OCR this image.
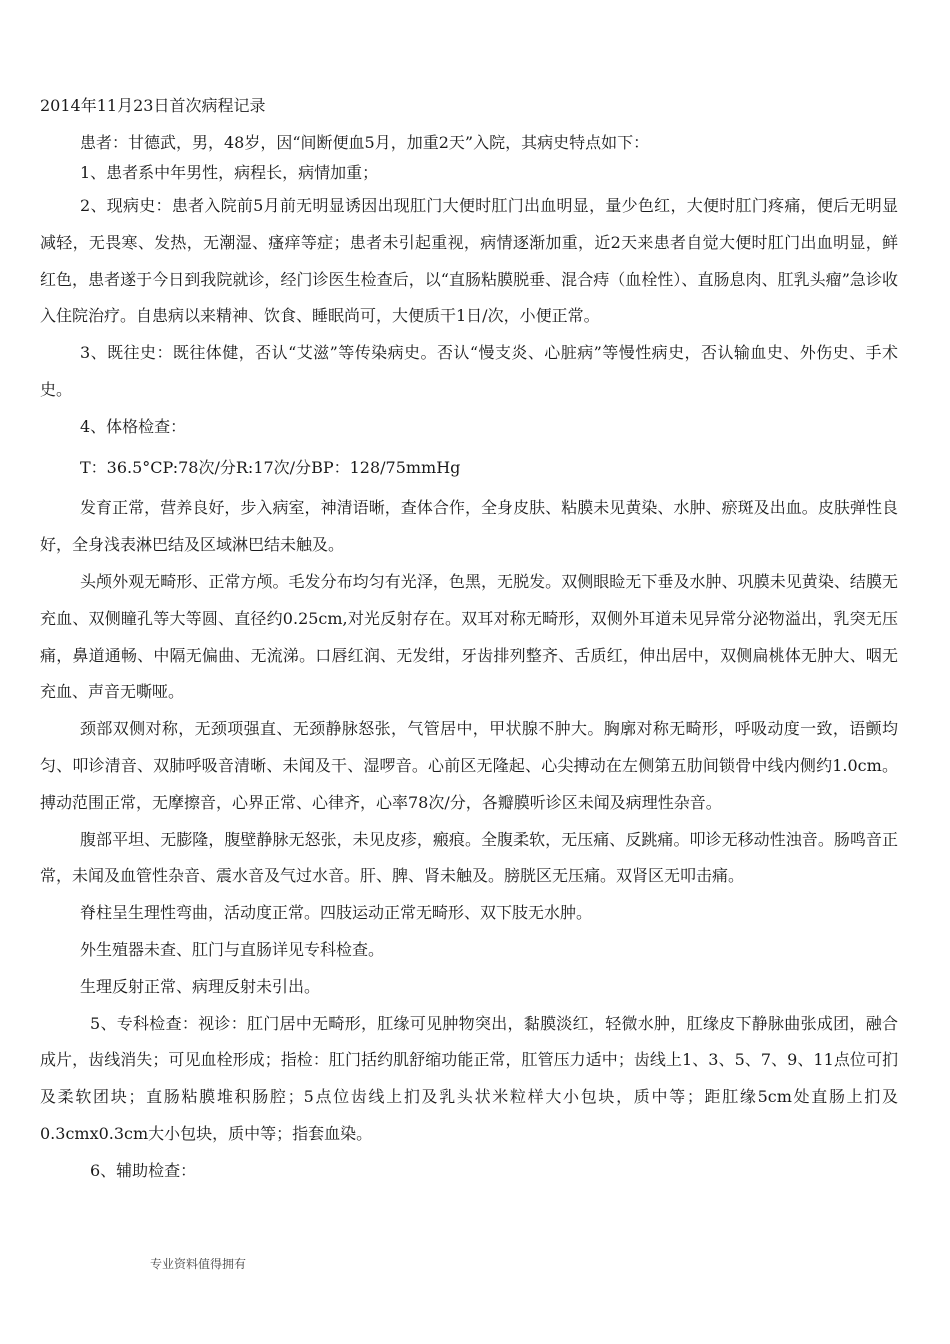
2014年11月23日首次病程记录

患者：甘德武，男，48岁，因“间断便血5月，加重2天”入院，其病史特点如下：

1、患者系中年男性，病程长，病情加重；

2、现病史：患者入院前5月前无明显诱因出现肛门大便时肛门出血明显，量少色红，大便时肛门疼痛，便后无明显减轻，无畏寒、发热，无潮湿、瘙痒等症；患者未引起重视，病情逐渐加重，近2天来患者自觉大便时肛门出血明显，鲜红色，患者遂于今日到我院就诊，经门诊医生检查后，以“直肠粘膜脱垂、混合痔（血栓性）、直肠息肉、肛乳头瘤”急诊收入住院治疗。自患病以来精神、饮食、睡眠尚可，大便质干1日/次，小便正常。

3、既往史：既往体健，否认“艾滋”等传染病史。否认“慢支炎、心脏病”等慢性病史，否认输血史、外伤史、手术史。

4、体格检查：

T：36.5°CP:78次/分R:17次/分BP：128/75mmHg

发育正常，营养良好，步入病室，神清语晰，查体合作，全身皮肤、粘膜未见黄染、水肿、瘀斑及出血。皮肤弹性良好，全身浅表淋巴结及区域淋巴结未触及。

头颅外观无畸形、正常方颅。毛发分布均匀有光泽，色黑，无脱发。双侧眼睑无下垂及水肿、巩膜未见黄染、结膜无充血、双侧瞳孔等大等圆、直径约0.25cm,对光反射存在。双耳对称无畸形，双侧外耳道未见异常分泌物溢出，乳突无压痛，鼻道通畅、中隔无偏曲、无流涕。口唇红润、无发绀，牙齿排列整齐、舌质红，伸出居中，双侧扁桃体无肿大、咽无充血、声音无嘶哑。

颈部双侧对称，无颈项强直、无颈静脉怒张，气管居中，甲状腺不肿大。胸廓对称无畸形，呼吸动度一致，语颤均匀、叩诊清音、双肺呼吸音清晰、未闻及干、湿啰音。心前区无隆起、心尖搏动在左侧第五肋间锁骨中线内侧约1.0cm。搏动范围正常，无摩擦音，心界正常、心律齐，心率78次/分，各瓣膜听诊区未闻及病理性杂音。

腹部平坦、无膨隆，腹壁静脉无怒张，未见皮疹，瘢痕。全腹柔软，无压痛、反跳痛。叩诊无移动性浊音。肠鸣音正常，未闻及血管性杂音、震水音及气过水音。肝、脾、肾未触及。膀胱区无压痛。双肾区无叩击痛。

脊柱呈生理性弯曲，活动度正常。四肢运动正常无畸形、双下肢无水肿。

外生殖器未查、肛门与直肠详见专科检查。

生理反射正常、病理反射未引出。

5、专科检查：视诊：肛门居中无畸形，肛缘可见肿物突出，黏膜淡红，轻微水肿，肛缘皮下静脉曲张成团，融合成片，齿线消失；可见血栓形成；指检：肛门括约肌舒缩功能正常，肛管压力适中；齿线上1、3、5、7、9、11点位可扪及柔软团块；直肠粘膜堆积肠腔；5点位齿线上扪及乳头状米粒样大小包块，质中等；距肛缘5cm处直肠上扪及0.3cmx0.3cm大小包块，质中等；指套血染。

6、辅助检查：

专业资料值得拥有
